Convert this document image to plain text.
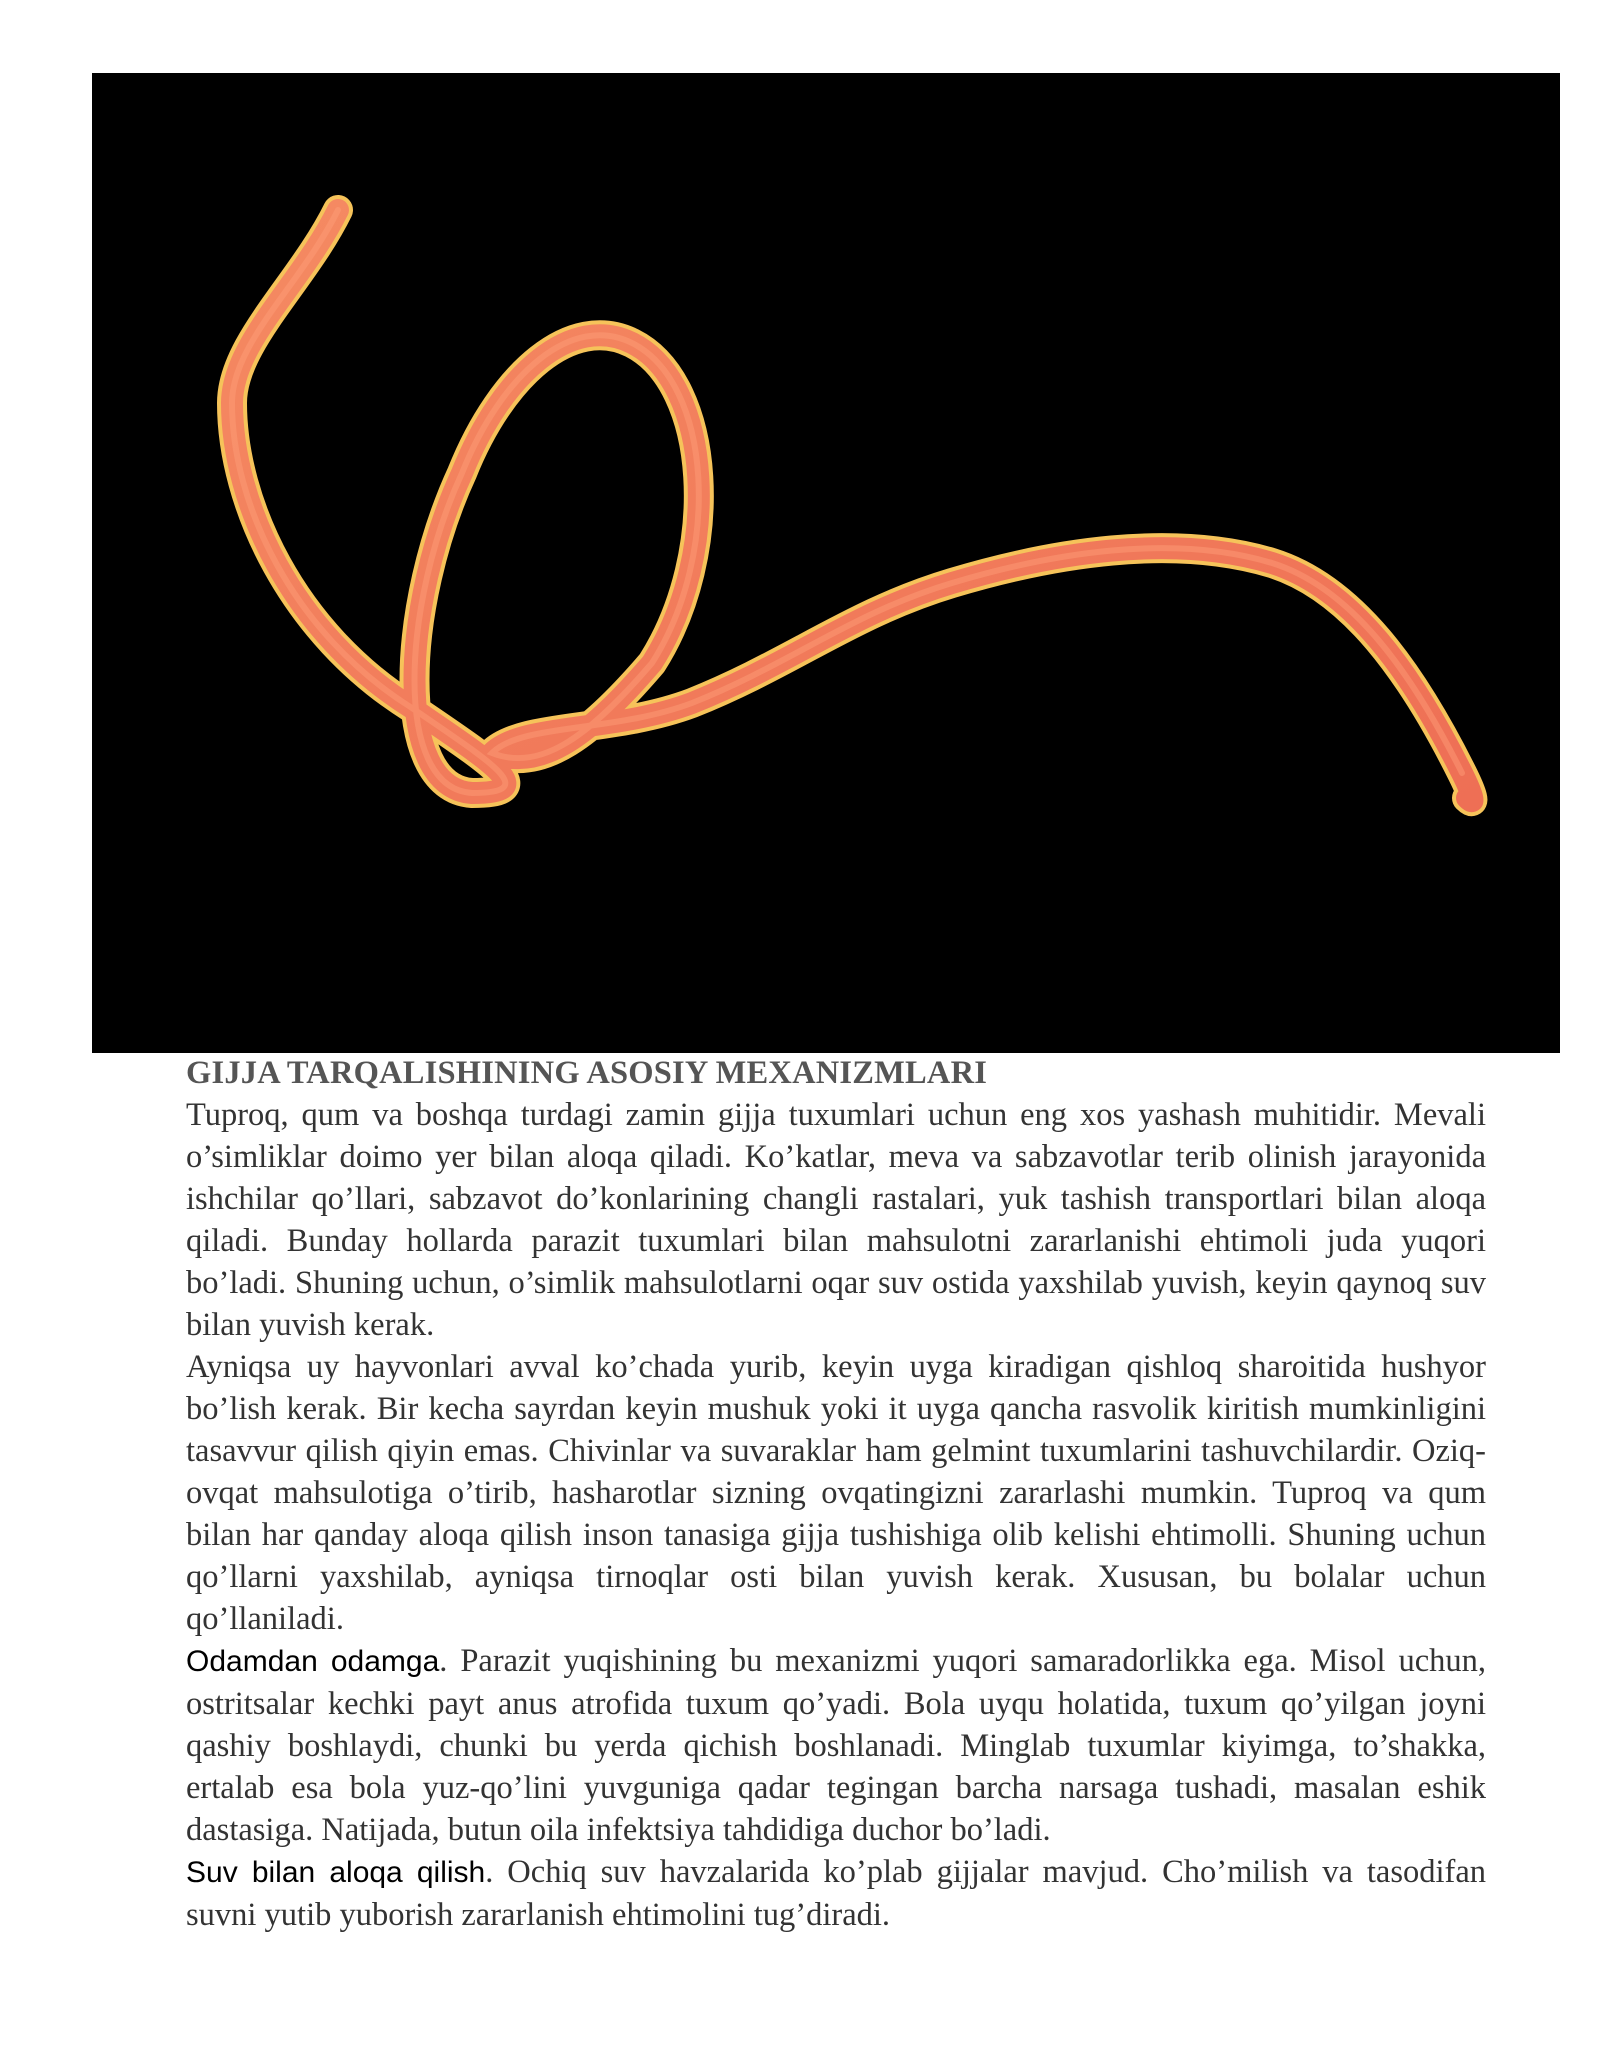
GIJJA TARQALISHINING ASOSIY MEXANIZMLARI

Tuproq, qum va boshqa turdagi zamin gijja tuxumlari uchun eng xos yashash muhitidir. Mevali o’simliklar doimo yer bilan aloqa qiladi. Ko’katlar, meva va sabzavotlar terib olinish jarayonida ishchilar qo’llari, sabzavot do’konlarining changli rastalari, yuk tashish transportlari bilan aloqa qiladi. Bunday hollarda parazit tuxumlari bilan mahsulotni zararlanishi ehtimoli juda yuqori bo’ladi. Shuning uchun, o’simlik mahsulotlarni oqar suv ostida yaxshilab yuvish, keyin qaynoq suv bilan yuvish kerak.

Ayniqsa uy hayvonlari avval ko’chada yurib, keyin uyga kiradigan qishloq sharoitida hushyor bo’lish kerak. Bir kecha sayrdan keyin mushuk yoki it uyga qancha rasvolik kiritish mumkinligini tasavvur qilish qiyin emas. Chivinlar va suvaraklar ham gelmint tuxumlarini tashuvchilardir. Oziq-ovqat mahsulotiga o’tirib, hasharotlar sizning ovqatingizni zararlashi mumkin. Tuproq va qum bilan har qanday aloqa qilish inson tanasiga gijja tushishiga olib kelishi ehtimolli. Shuning uchun qo’llarni yaxshilab, ayniqsa tirnoqlar osti bilan yuvish kerak. Xususan, bu bolalar uchun qo’llaniladi.

Odamdan odamga. Parazit yuqishining bu mexanizmi yuqori samaradorlikka ega. Misol uchun, ostritsalar kechki payt anus atrofida tuxum qo’yadi. Bola uyqu holatida, tuxum qo’yilgan joyni qashiy boshlaydi, chunki bu yerda qichish boshlanadi. Minglab tuxumlar kiyimga, to’shakka, ertalab esa bola yuz-qo’lini yuvguniga qadar tegingan barcha narsaga tushadi, masalan eshik dastasiga. Natijada, butun oila infektsiya tahdidiga duchor bo’ladi.

Suv bilan aloqa qilish. Ochiq suv havzalarida ko’plab gijjalar mavjud. Cho’milish va tasodifan suvni yutib yuborish zararlanish ehtimolini tug’diradi.
